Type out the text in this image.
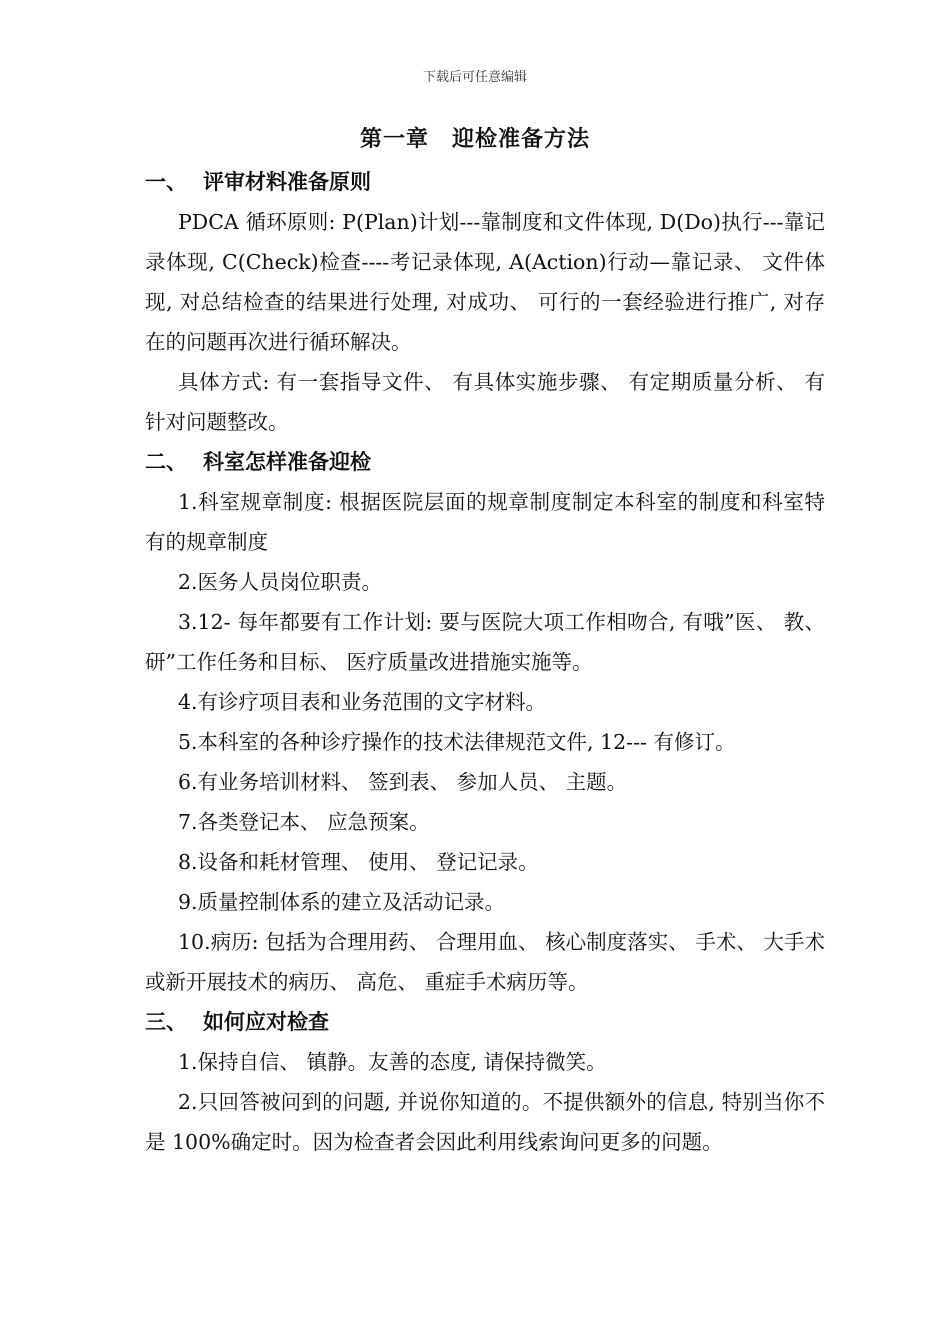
下载后可任意编辑
第一章　迎检准备方法
一、 评审材料准备原则
PDCA 循环原则: P(Plan)计划---靠制度和文件体现, D(Do)执行---靠记录体现, C(Check)检查----考记录体现, A(Action)行动—靠记录、 文件体现, 对总结检查的结果进行处理, 对成功、 可行的一套经验进行推广, 对存在的问题再次进行循环解决。
具体方式: 有一套指导文件、 有具体实施步骤、 有定期质量分析、 有针对问题整改。
二、 科室怎样准备迎检
1.科室规章制度: 根据医院层面的规章制度制定本科室的制度和科室特有的规章制度
2.医务人员岗位职责。
3.12- 每年都要有工作计划: 要与医院大项工作相吻合, 有哦”医、 教、 研”工作任务和目标、 医疗质量改进措施实施等。
4.有诊疗项目表和业务范围的文字材料。
5.本科室的各种诊疗操作的技术法律规范文件, 12--- 有修订。
6.有业务培训材料、 签到表、 参加人员、 主题。
7.各类登记本、 应急预案。
8.设备和耗材管理、 使用、 登记记录。
9.质量控制体系的建立及活动记录。
10.病历: 包括为合理用药、 合理用血、 核心制度落实、 手术、 大手术或新开展技术的病历、 高危、 重症手术病历等。
三、 如何应对检查
1.保持自信、 镇静。友善的态度, 请保持微笑。
2.只回答被问到的问题, 并说你知道的。不提供额外的信息, 特别当你不是 100%确定时。因为检查者会因此利用线索询问更多的问题。
